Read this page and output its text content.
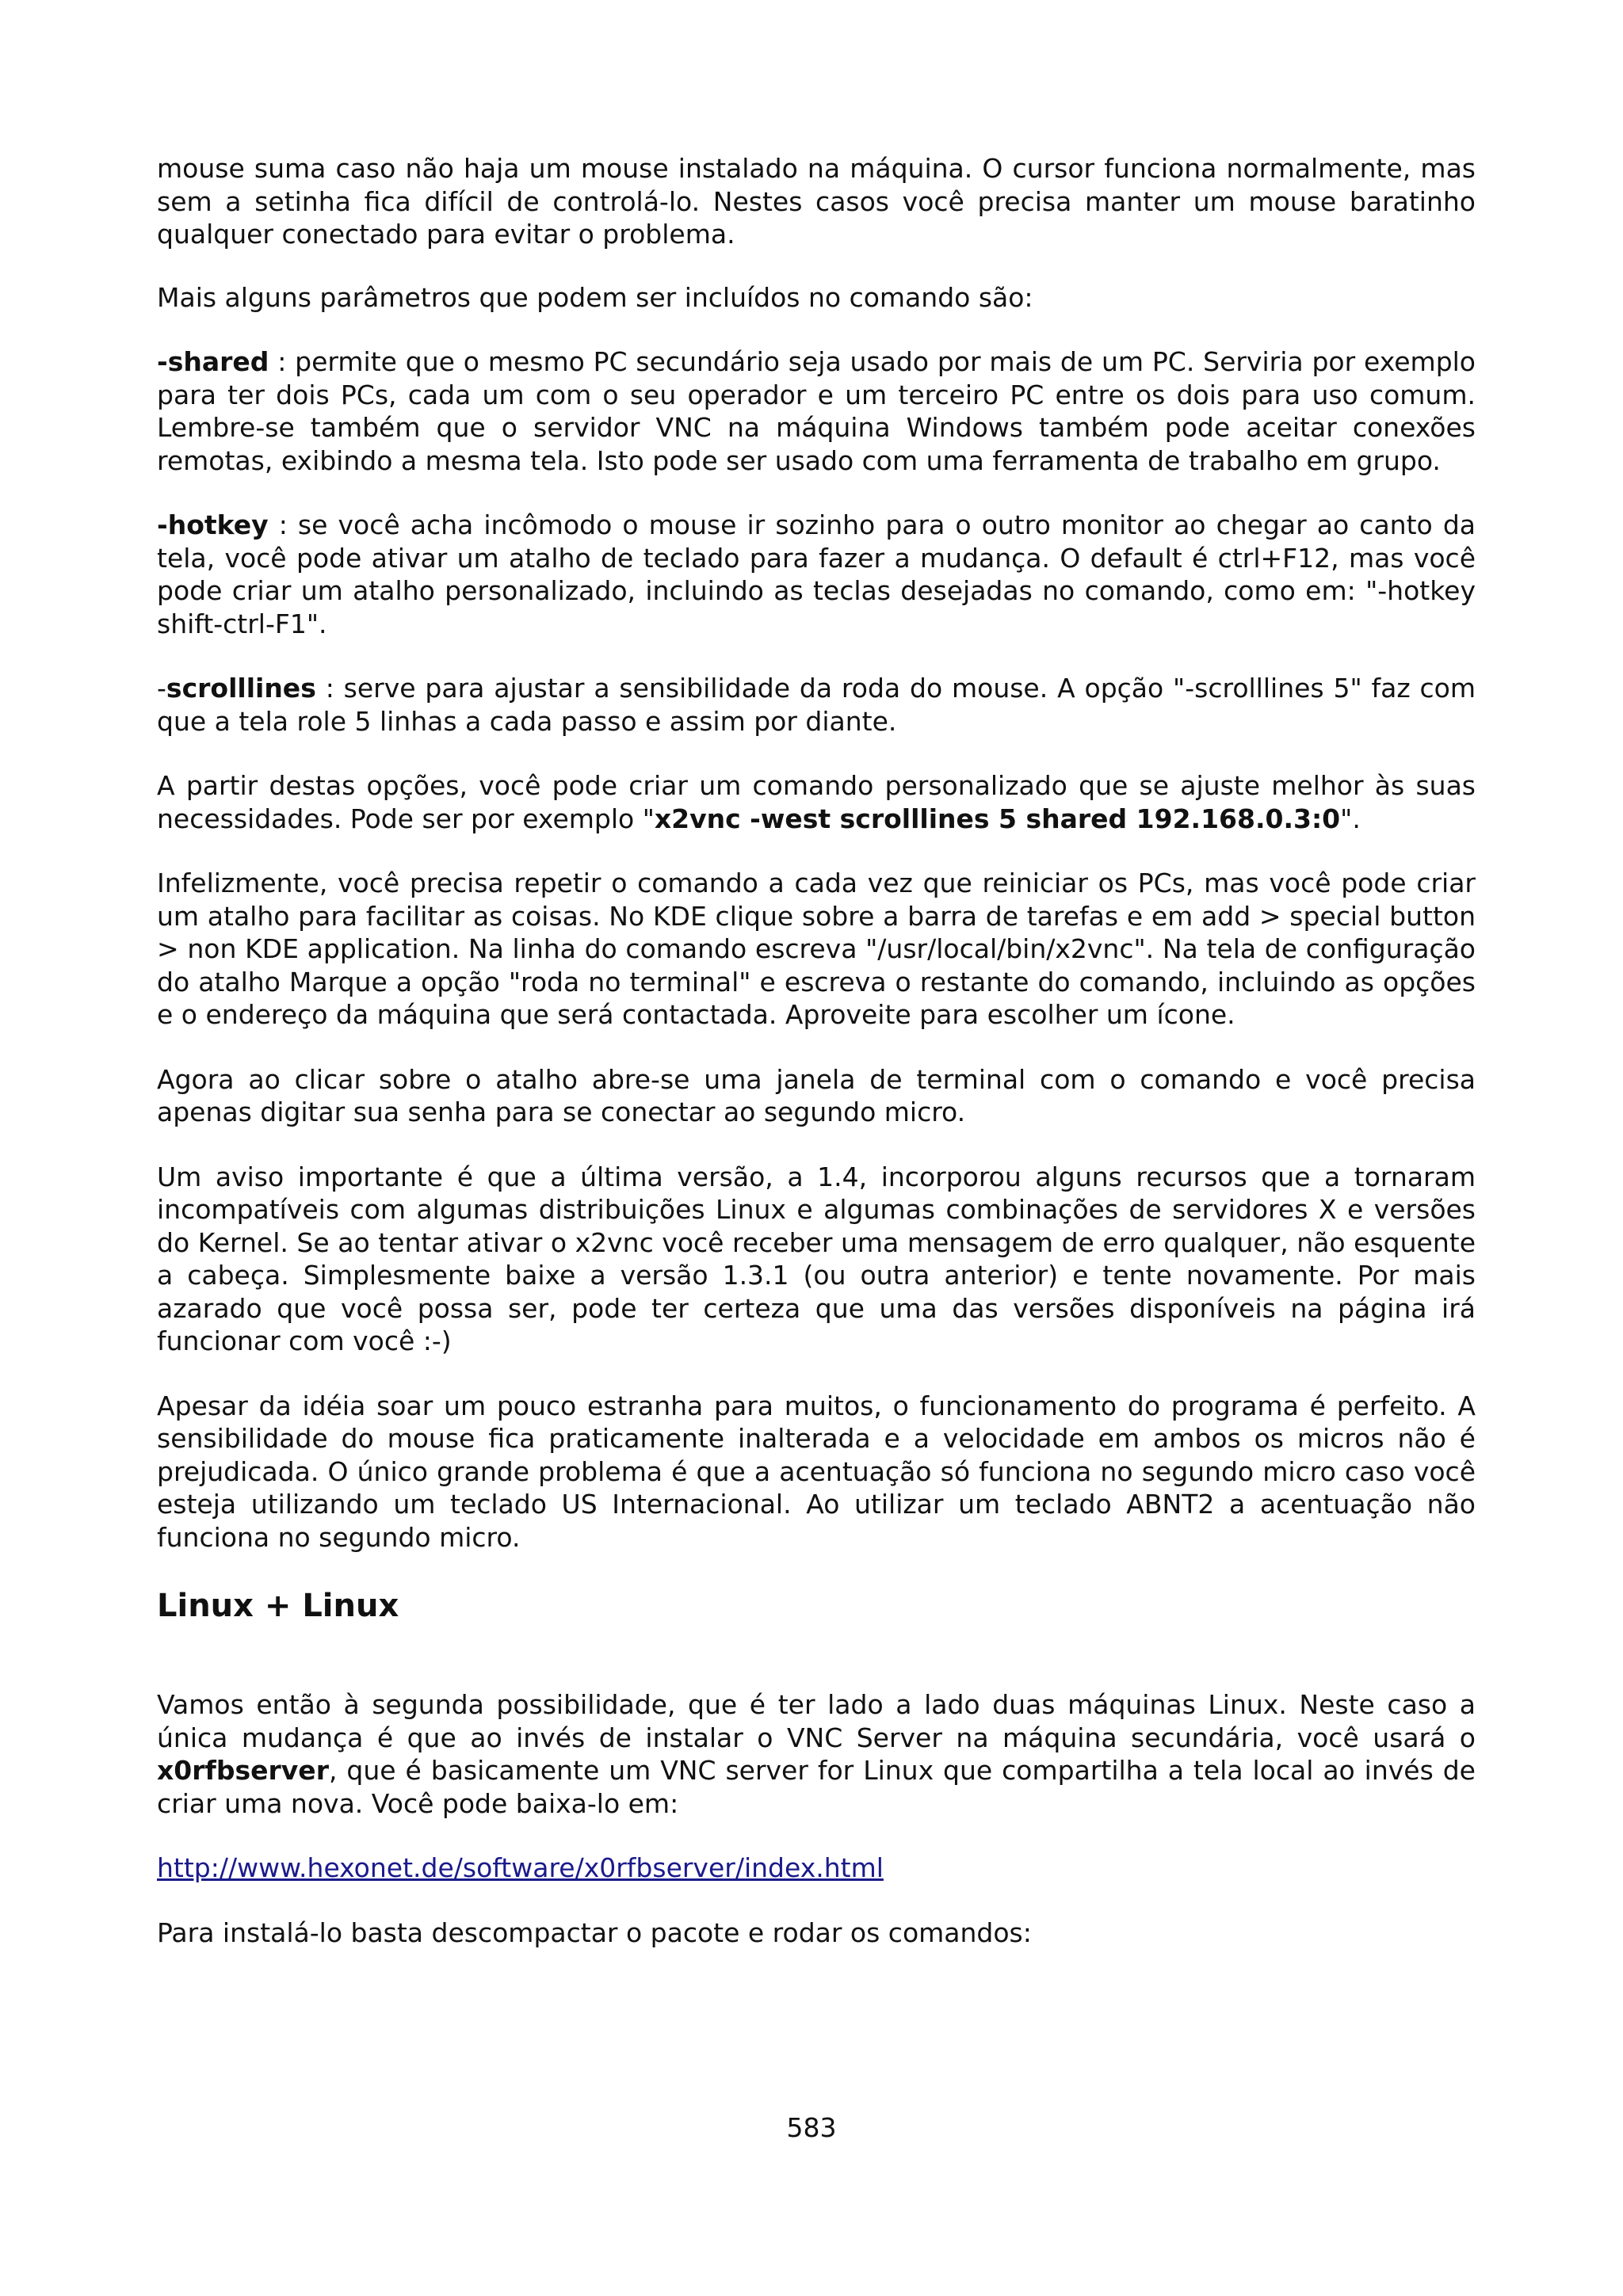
mouse suma caso não haja um mouse instalado na máquina. O cursor funciona normalmente, mas sem a setinha fica difícil de controlá-lo. Nestes casos você precisa manter um mouse baratinho qualquer conectado para evitar o problema.

Mais alguns parâmetros que podem ser incluídos no comando são:

-shared : permite que o mesmo PC secundário seja usado por mais de um PC. Serviria por exemplo para ter dois PCs, cada um com o seu operador e um terceiro PC entre os dois para uso comum. Lembre-se também que o servidor VNC na máquina Windows também pode aceitar conexões remotas, exibindo a mesma tela. Isto pode ser usado com uma ferramenta de trabalho em grupo.

-hotkey : se você acha incômodo o mouse ir sozinho para o outro monitor ao chegar ao canto da tela, você pode ativar um atalho de teclado para fazer a mudança. O default é ctrl+F12, mas você pode criar um atalho personalizado, incluindo as teclas desejadas no comando, como em: "-hotkey shift-ctrl-F1".

-scrolllines : serve para ajustar a sensibilidade da roda do mouse. A opção "-scrolllines 5" faz com que a tela role 5 linhas a cada passo e assim por diante.

A partir destas opções, você pode criar um comando personalizado que se ajuste melhor às suas necessidades. Pode ser por exemplo "x2vnc -west scrolllines 5 shared 192.168.0.3:0".

Infelizmente, você precisa repetir o comando a cada vez que reiniciar os PCs, mas você pode criar um atalho para facilitar as coisas. No KDE clique sobre a barra de tarefas e em add > special button > non KDE application. Na linha do comando escreva "/usr/local/bin/x2vnc". Na tela de configuração do atalho Marque a opção "roda no terminal" e escreva o restante do comando, incluindo as opções e o endereço da máquina que será contactada. Aproveite para escolher um ícone.

Agora ao clicar sobre o atalho abre-se uma janela de terminal com o comando e você precisa apenas digitar sua senha para se conectar ao segundo micro.

Um aviso importante é que a última versão, a 1.4, incorporou alguns recursos que a tornaram incompatíveis com algumas distribuições Linux e algumas combinações de servidores X e versões do Kernel. Se ao tentar ativar o x2vnc você receber uma mensagem de erro qualquer, não esquente a cabeça. Simplesmente baixe a versão 1.3.1 (ou outra anterior) e tente novamente. Por mais azarado que você possa ser, pode ter certeza que uma das versões disponíveis na página irá funcionar com você :-)

Apesar da idéia soar um pouco estranha para muitos, o funcionamento do programa é perfeito. A sensibilidade do mouse fica praticamente inalterada e a velocidade em ambos os micros não é prejudicada. O único grande problema é que a acentuação só funciona no segundo micro caso você esteja utilizando um teclado US Internacional. Ao utilizar um teclado ABNT2 a acentuação não funciona no segundo micro.

Linux + Linux

Vamos então à segunda possibilidade, que é ter lado a lado duas máquinas Linux. Neste caso a única mudança é que ao invés de instalar o VNC Server na máquina secundária, você usará o x0rfbserver, que é basicamente um VNC server for Linux que compartilha a tela local ao invés de criar uma nova. Você pode baixa-lo em:

http://www.hexonet.de/software/x0rfbserver/index.html

Para instalá-lo basta descompactar o pacote e rodar os comandos:

583
